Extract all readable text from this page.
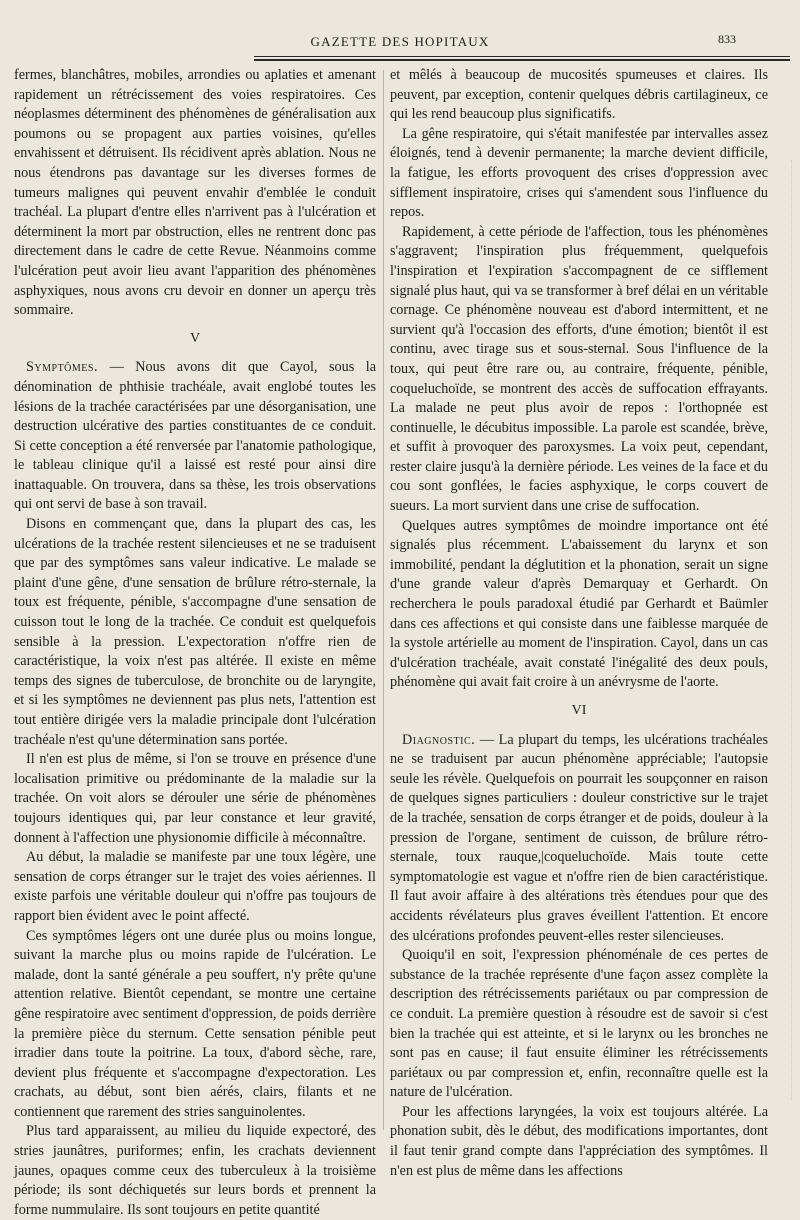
GAZETTE DES HOPITAUX	833

fermes, blanchâtres, mobiles, arrondies ou aplaties et amenant rapidement un rétrécissement des voies respiratoires. Ces néoplasmes déterminent des phénomènes de généralisation aux poumons ou se propagent aux parties voisines, qu'elles envahissent et détruisent. Ils récidivent après ablation. Nous ne nous étendrons pas davantage sur les diverses formes de tumeurs malignes qui peuvent envahir d'emblée le conduit trachéal. La plupart d'entre elles n'arrivent pas à l'ulcération et déterminent la mort par obstruction, elles ne rentrent donc pas directement dans le cadre de cette Revue. Néanmoins comme l'ulcération peut avoir lieu avant l'apparition des phénomènes asphyxiques, nous avons cru devoir en donner un aperçu très sommaire.

V

Symptômes. — Nous avons dit que Cayol, sous la dénomination de phthisie trachéale, avait englobé toutes les lésions de la trachée caractérisées par une désorganisation, une destruction ulcérative des parties constituantes de ce conduit. Si cette conception a été renversée par l'anatomie pathologique, le tableau clinique qu'il a laissé est resté pour ainsi dire inattaquable. On trouvera, dans sa thèse, les trois observations qui ont servi de base à son travail.

Disons en commençant que, dans la plupart des cas, les ulcérations de la trachée restent silencieuses et ne se traduisent que par des symptômes sans valeur indicative. Le malade se plaint d'une gêne, d'une sensation de brûlure rétro-sternale, la toux est fréquente, pénible, s'accompagne d'une sensation de cuisson tout le long de la trachée. Ce conduit est quelquefois sensible à la pression. L'expectoration n'offre rien de caractéristique, la voix n'est pas altérée. Il existe en même temps des signes de tuberculose, de bronchite ou de laryngite, et si les symptômes ne deviennent pas plus nets, l'attention est tout entière dirigée vers la maladie principale dont l'ulcération trachéale n'est qu'une détermination sans portée.

Il n'en est plus de même, si l'on se trouve en présence d'une localisation primitive ou prédominante de la maladie sur la trachée. On voit alors se dérouler une série de phénomènes toujours identiques qui, par leur constance et leur gravité, donnent à l'affection une physionomie difficile à méconnaître.

Au début, la maladie se manifeste par une toux légère, une sensation de corps étranger sur le trajet des voies aériennes. Il existe parfois une véritable douleur qui n'offre pas toujours de rapport bien évident avec le point affecté.

Ces symptômes légers ont une durée plus ou moins longue, suivant la marche plus ou moins rapide de l'ulcération. Le malade, dont la santé générale a peu souffert, n'y prête qu'une attention relative. Bientôt cependant, se montre une certaine gêne respiratoire avec sentiment d'oppression, de poids derrière la première pièce du sternum. Cette sensation pénible peut irradier dans toute la poitrine. La toux, d'abord sèche, rare, devient plus fréquente et s'accompagne d'expectoration. Les crachats, au début, sont bien aérés, clairs, filants et ne contiennent que rarement des stries sanguinolentes.

Plus tard apparaissent, au milieu du liquide expectoré, des stries jaunâtres, puriformes; enfin, les crachats deviennent jaunes, opaques comme ceux des tuberculeux à la troisième période; ils sont déchiquetés sur leurs bords et prennent la forme nummulaire. Ils sont toujours en petite quantité

et mêlés à beaucoup de mucosités spumeuses et claires. Ils peuvent, par exception, contenir quelques débris cartilagineux, ce qui les rend beaucoup plus significatifs.

La gêne respiratoire, qui s'était manifestée par intervalles assez éloignés, tend à devenir permanente; la marche devient difficile, la fatigue, les efforts provoquent des crises d'oppression avec sifflement inspiratoire, crises qui s'amendent sous l'influence du repos.

Rapidement, à cette période de l'affection, tous les phénomènes s'aggravent; l'inspiration plus fréquemment, quelquefois l'inspiration et l'expiration s'accompagnent de ce sifflement signalé plus haut, qui va se transformer à bref délai en un véritable cornage. Ce phénomène nouveau est d'abord intermittent, et ne survient qu'à l'occasion des efforts, d'une émotion; bientôt il est continu, avec tirage sus et sous-sternal. Sous l'influence de la toux, qui peut être rare ou, au contraire, fréquente, pénible, coqueluchoïde, se montrent des accès de suffocation effrayants. La malade ne peut plus avoir de repos : l'orthopnée est continuelle, le décubitus impossible. La parole est scandée, brève, et suffit à provoquer des paroxysmes. La voix peut, cependant, rester claire jusqu'à la dernière période. Les veines de la face et du cou sont gonflées, le facies asphyxique, le corps couvert de sueurs. La mort survient dans une crise de suffocation.

Quelques autres symptômes de moindre importance ont été signalés plus récemment. L'abaissement du larynx et son immobilité, pendant la déglutition et la phonation, serait un signe d'une grande valeur d'après Demarquay et Gerhardt. On recherchera le pouls paradoxal étudié par Gerhardt et Baümler dans ces affections et qui consiste dans une faiblesse marquée de la systole artérielle au moment de l'inspiration. Cayol, dans un cas d'ulcération trachéale, avait constaté l'inégalité des deux pouls, phénomène qui avait fait croire à un anévrysme de l'aorte.

VI

Diagnostic. — La plupart du temps, les ulcérations trachéales ne se traduisent par aucun phénomène appréciable; l'autopsie seule les révèle. Quelquefois on pourrait les soupçonner en raison de quelques signes particuliers : douleur constrictive sur le trajet de la trachée, sensation de corps étranger et de poids, douleur à la pression de l'organe, sentiment de cuisson, de brûlure rétro-sternale, toux rauque,|coqueluchoïde. Mais toute cette symptomatologie est vague et n'offre rien de bien caractéristique. Il faut avoir affaire à des altérations très étendues pour que des accidents révélateurs plus graves éveillent l'attention. Et encore des ulcérations profondes peuvent-elles rester silencieuses.

Quoiqu'il en soit, l'expression phénoménale de ces pertes de substance de la trachée représente d'une façon assez complète la description des rétrécissements pariétaux ou par compression de ce conduit. La première question à résoudre est de savoir si c'est bien la trachée qui est atteinte, et si le larynx ou les bronches ne sont pas en cause; il faut ensuite éliminer les rétrécissements pariétaux ou par compression et, enfin, reconnaître quelle est la nature de l'ulcération.

Pour les affections laryngées, la voix est toujours altérée. La phonation subit, dès le début, des modifications importantes, dont il faut tenir grand compte dans l'appréciation des symptômes. Il n'en est plus de même dans les affections
